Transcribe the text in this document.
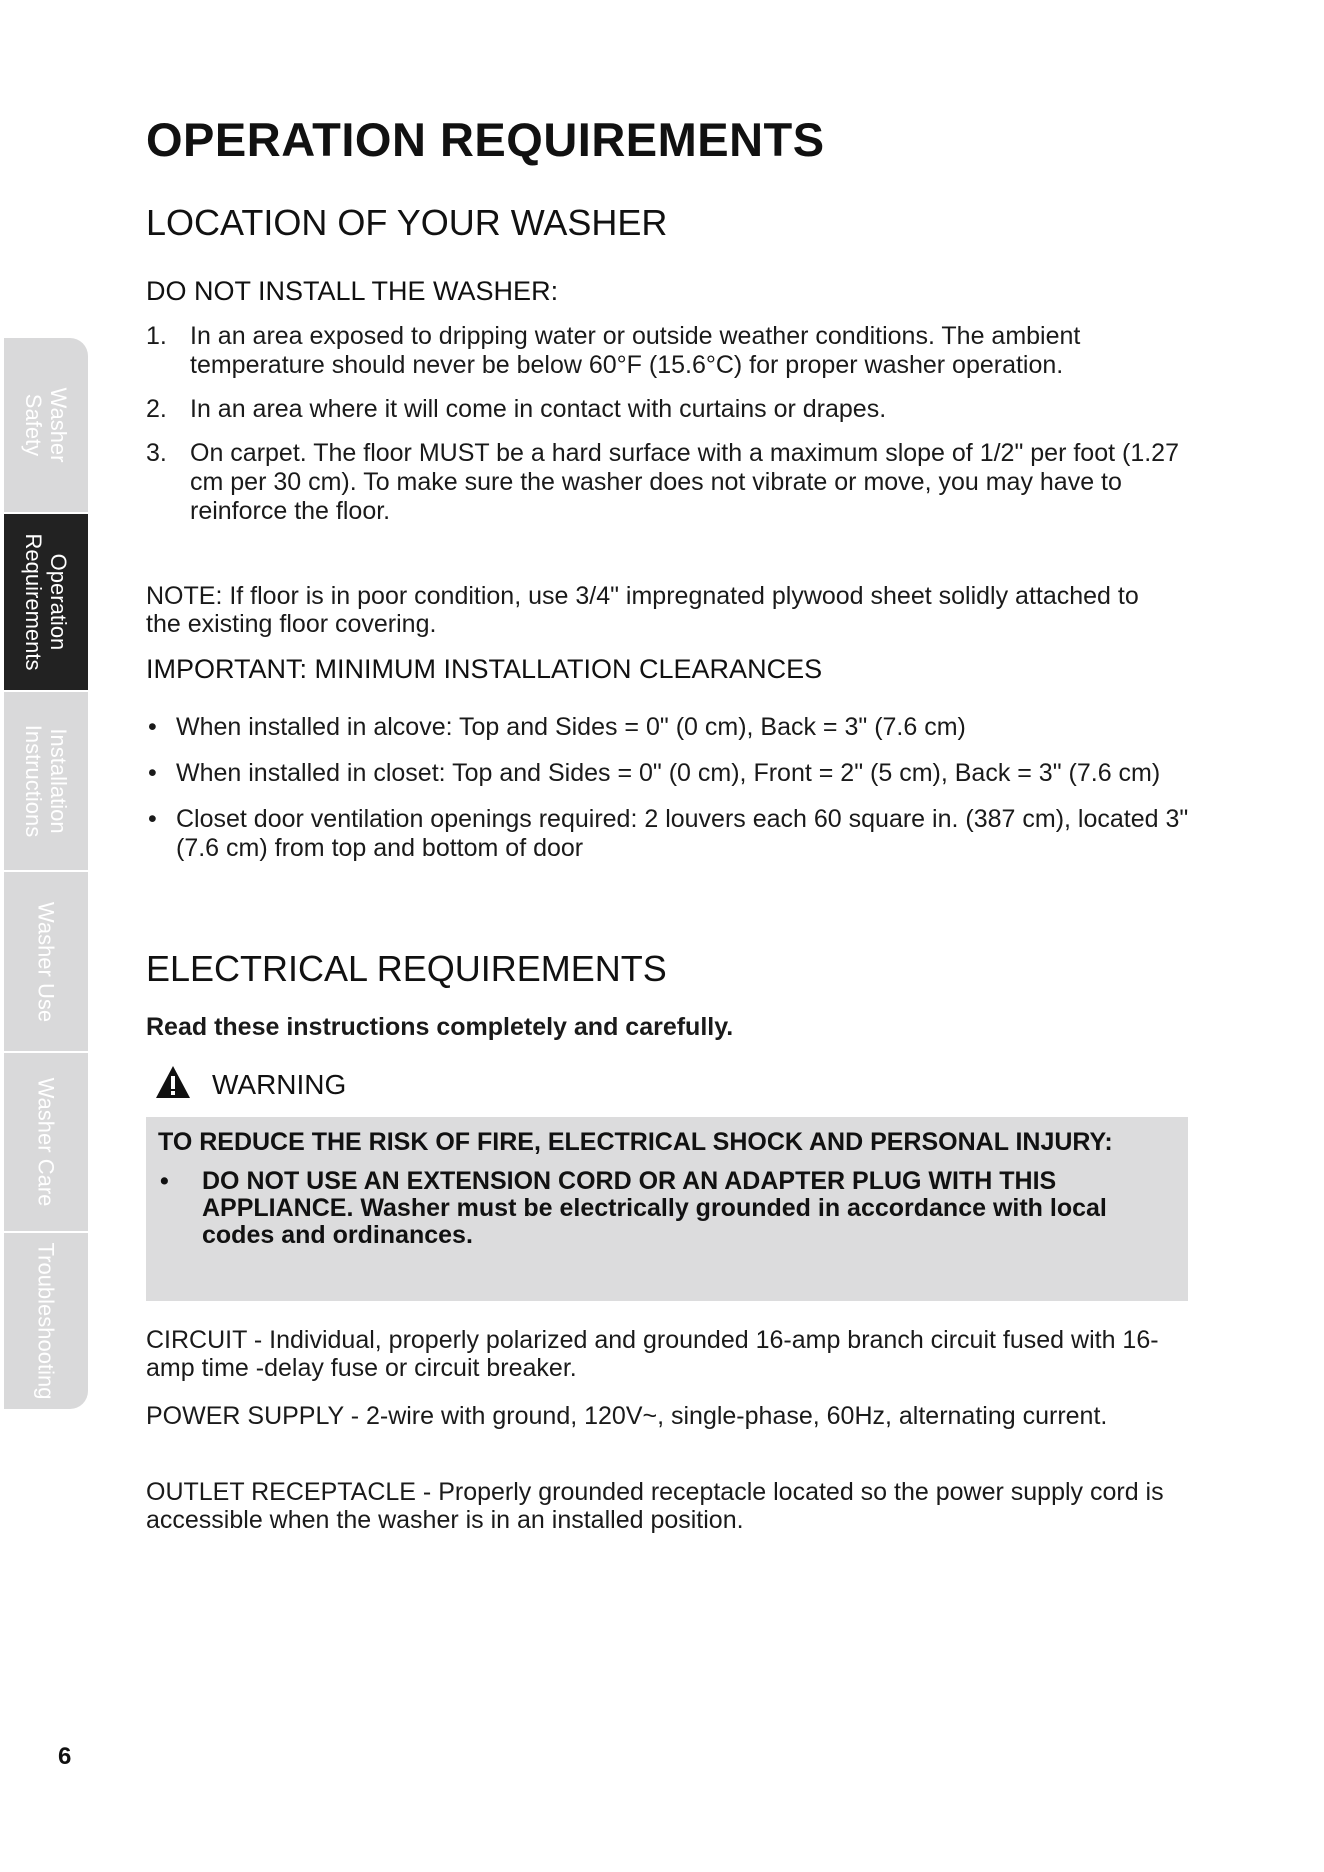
Washer
Safety
Operation
Requirements
Installation
Instructions
Washer Use
Washer Care
Troubleshooting
OPERATION REQUIREMENTS
LOCATION OF YOUR WASHER
DO NOT INSTALL THE WASHER:
1. In an area exposed to dripping water or outside weather conditions. The ambient temperature should never be below 60°F (15.6°C) for proper washer operation.
2. In an area where it will come in contact with curtains or drapes.
3. On carpet. The floor MUST be a hard surface with a maximum slope of 1/2" per foot (1.27 cm per 30 cm). To make sure the washer does not vibrate or move, you may have to reinforce the floor.

NOTE: If floor is in poor condition, use 3/4" impregnated plywood sheet solidly attached to the existing floor covering.

IMPORTANT: MINIMUM INSTALLATION CLEARANCES
• When installed in alcove: Top and Sides = 0" (0 cm), Back = 3" (7.6 cm)
• When installed in closet: Top and Sides = 0" (0 cm), Front = 2" (5 cm), Back = 3" (7.6 cm)
• Closet door ventilation openings required: 2 louvers each 60 square in. (387 cm), located 3" (7.6 cm) from top and bottom of door
ELECTRICAL REQUIREMENTS

Read these instructions completely and carefully.

WARNING

TO REDUCE THE RISK OF FIRE, ELECTRICAL SHOCK AND PERSONAL INJURY:

• DO NOT USE AN EXTENSION CORD OR AN ADAPTER PLUG WITH THIS APPLIANCE. Washer must be electrically grounded in accordance with local codes and ordinances.

CIRCUIT - Individual, properly polarized and grounded 16-amp branch circuit fused with 16-amp time -delay fuse or circuit breaker.

POWER SUPPLY - 2-wire with ground, 120V~, single-phase, 60Hz, alternating current.

OUTLET RECEPTACLE - Properly grounded receptacle located so the power supply cord is accessible when the washer is in an installed position.

6
